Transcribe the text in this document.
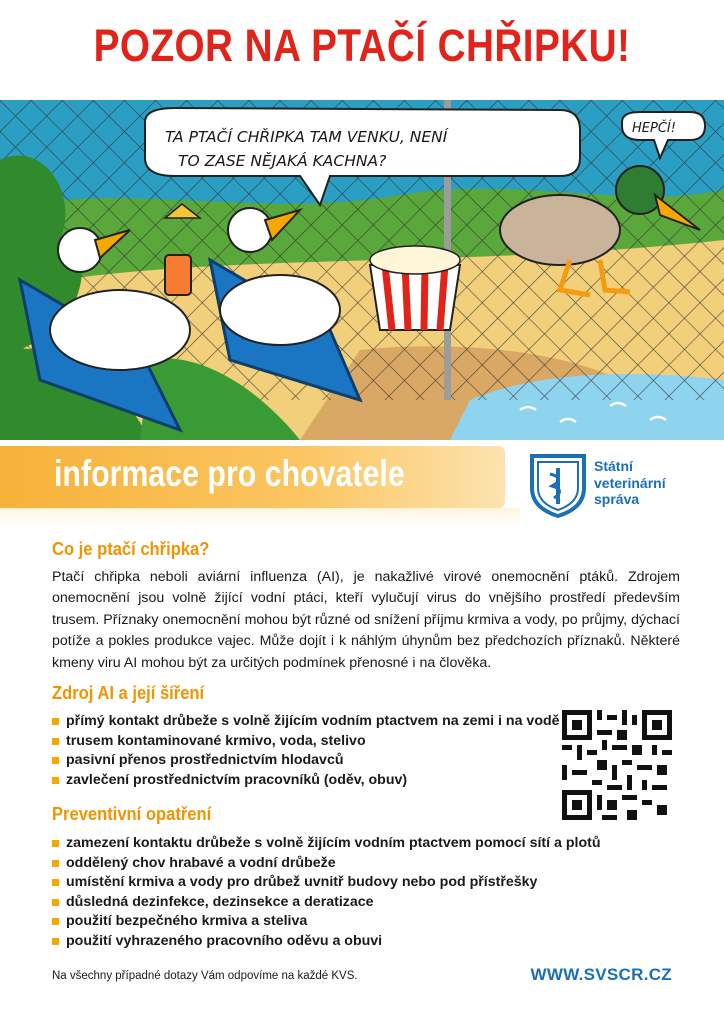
POZOR NA PTAČÍ CHŘIPKU!
TA PTAČÍ CHŘIPKA TAM VENKU, NENÍ
TO ZASE NĚJAKÁ KACHNA?
HEPČÍ!
informace pro chovatele	Státní
veterinární
správa
Co je ptačí chřipka?
Ptačí chřipka neboli aviární influenza (AI), je nakažlivé virové onemocnění ptáků. Zdrojem onemocnění jsou volně žijící vodní ptáci, kteří vylučují virus do vnějšího prostředí především trusem. Příznaky onemocnění mohou být různé od snížení příjmu krmiva a vody, po průjmy, dýchací potíže a pokles produkce vajec. Může dojít i k náhlým úhynům bez předchozích příznaků. Některé kmeny viru AI mohou být za určitých podmínek přenosné i na člověka.
Zdroj AI a její šíření
přímý kontakt drůbeže s volně žijícím vodním ptactvem na zemi i na vodě
trusem kontaminované krmivo, voda, stelivo
pasivní přenos prostřednictvím hlodavců
zavlečení prostřednictvím pracovníků (oděv, obuv)
Preventivní opatření
zamezení kontaktu drůbeže s volně žijícím vodním ptactvem pomocí sítí a plotů
oddělený chov hrabavé a vodní drůbeže
umístění krmiva a vody pro drůbež uvnitř budovy nebo pod přístřešky
důsledná dezinfekce, dezinsekce a deratizace
použití bezpečného krmiva a steliva
použití vyhrazeného pracovního oděvu a obuvi
Na všechny případné dotazy Vám odpovíme na každé KVS.	WWW.SVSCR.CZ
